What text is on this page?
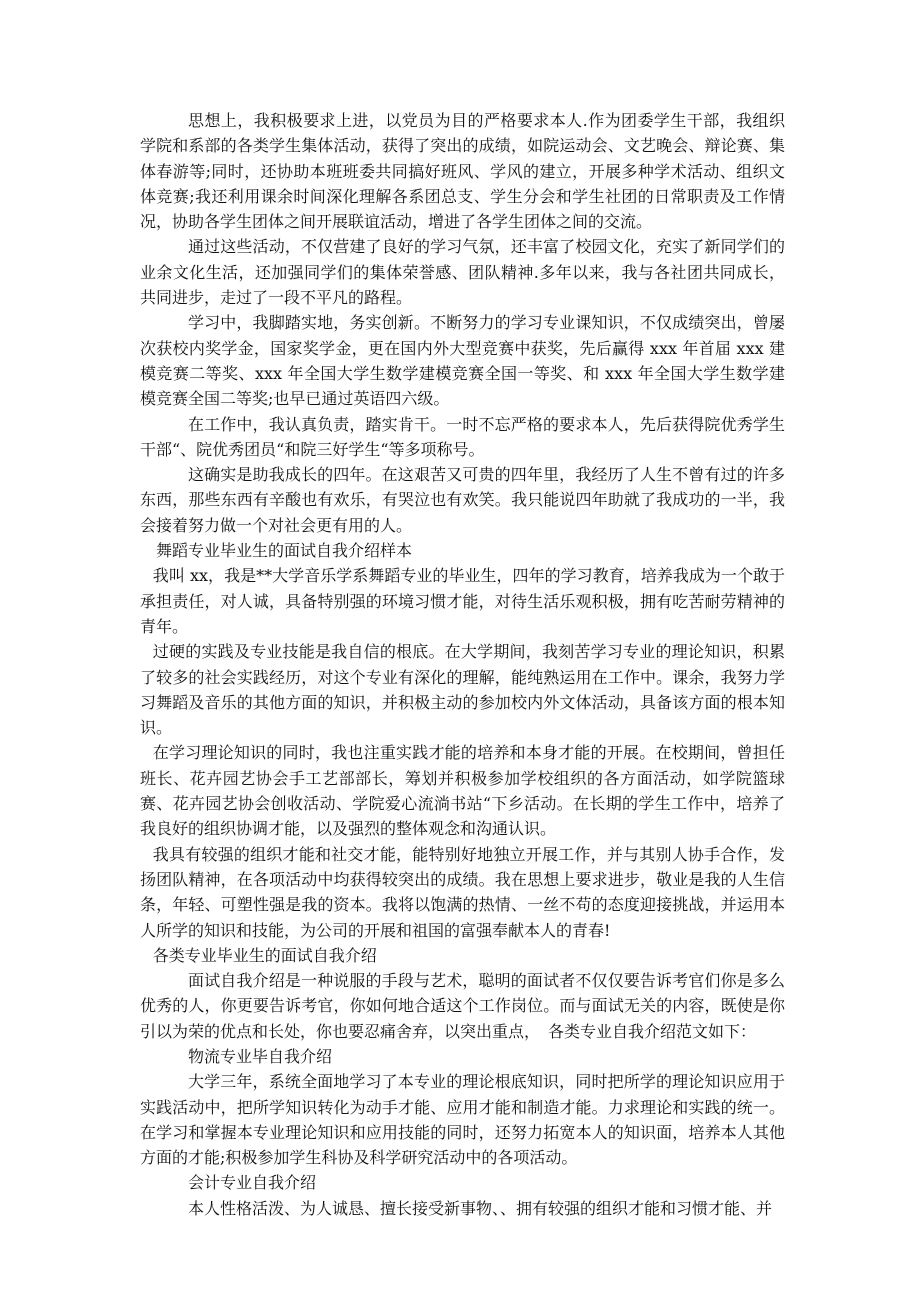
思想上，我积极要求上进，以党员为目的严格要求本人.作为团委学生干部，我组织学院和系部的各类学生集体活动，获得了突出的成绩，如院运动会、文艺晚会、辩论赛、集体春游等;同时，还协助本班班委共同搞好班风、学风的建立，开展多种学术活动、组织文体竞赛;我还利用课余时间深化理解各系团总支、学生分会和学生社团的日常职责及工作情况，协助各学生团体之间开展联谊活动，增进了各学生团体之间的交流。

通过这些活动，不仅营建了良好的学习气氛，还丰富了校园文化，充实了新同学们的业余文化生活，还加强同学们的集体荣誉感、团队精神.多年以来，我与各社团共同成长，共同进步，走过了一段不平凡的路程。

学习中，我脚踏实地，务实创新。不断努力的学习专业课知识，不仅成绩突出，曾屡次获校内奖学金，国家奖学金，更在国内外大型竞赛中获奖，先后赢得 xxx 年首届 xxx 建模竞赛二等奖、xxx 年全国大学生数学建模竞赛全国一等奖、和 xxx 年全国大学生数学建模竞赛全国二等奖;也早已通过英语四六级。

在工作中，我认真负责，踏实肯干。一时不忘严格的要求本人，先后获得院优秀学生干部“、院优秀团员“和院三好学生“等多项称号。

这确实是助我成长的四年。在这艰苦又可贵的四年里，我经历了人生不曾有过的许多东西，那些东西有辛酸也有欢乐，有哭泣也有欢笑。我只能说四年助就了我成功的一半，我会接着努力做一个对社会更有用的人。

舞蹈专业毕业生的面试自我介绍样本

我叫 xx，我是**大学音乐学系舞蹈专业的毕业生，四年的学习教育，培养我成为一个敢于承担责任，对人诚，具备特别强的环境习惯才能，对待生活乐观积极，拥有吃苦耐劳精神的青年。

过硬的实践及专业技能是我自信的根底。在大学期间，我刻苦学习专业的理论知识，积累了较多的社会实践经历，对这个专业有深化的理解，能纯熟运用在工作中。课余，我努力学习舞蹈及音乐的其他方面的知识，并积极主动的参加校内外文体活动，具备该方面的根本知识。

在学习理论知识的同时，我也注重实践才能的培养和本身才能的开展。在校期间，曾担任班长、花卉园艺协会手工艺部部长，筹划并积极参加学校组织的各方面活动，如学院篮球赛、花卉园艺协会创收活动、学院爱心流淌书站“下乡活动。在长期的学生工作中，培养了我良好的组织协调才能，以及强烈的整体观念和沟通认识。

我具有较强的组织才能和社交才能，能特别好地独立开展工作，并与其别人协手合作，发扬团队精神，在各项活动中均获得较突出的成绩。我在思想上要求进步，敬业是我的人生信条，年轻、可塑性强是我的资本。我将以饱满的热情、一丝不苟的态度迎接挑战，并运用本人所学的知识和技能，为公司的开展和祖国的富强奉献本人的青春!

各类专业毕业生的面试自我介绍

面试自我介绍是一种说服的手段与艺术，聪明的面试者不仅仅要告诉考官们你是多么优秀的人，你更要告诉考官，你如何地合适这个工作岗位。而与面试无关的内容，既使是你引以为荣的优点和长处，你也要忍痛舍弃，以突出重点，　各类专业自我介绍范文如下：

物流专业毕自我介绍

大学三年，系统全面地学习了本专业的理论根底知识，同时把所学的理论知识应用于实践活动中，把所学知识转化为动手才能、应用才能和制造才能。力求理论和实践的统一。在学习和掌握本专业理论知识和应用技能的同时，还努力拓宽本人的知识面，培养本人其他方面的才能;积极参加学生科协及科学研究活动中的各项活动。

会计专业自我介绍

本人性格活泼、为人诚恳、擅长接受新事物、、拥有较强的组织才能和习惯才能、并
